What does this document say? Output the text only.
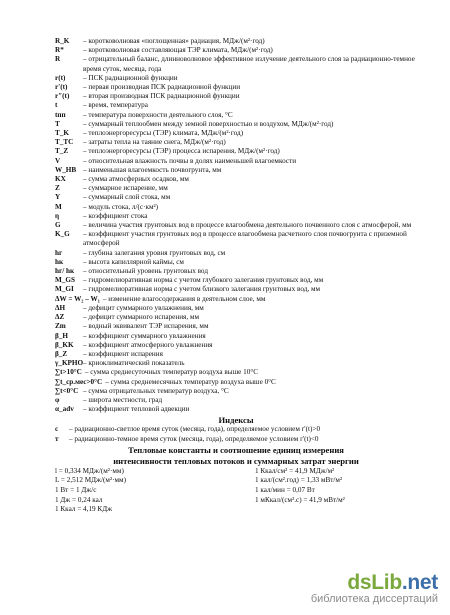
R_K	– коротковолновая «поглощенная» радиация, МДж/(м²·год)
R*	– коротковолновая составляющая ТЭР климата, МДж/(м²·год)
R	– отрицательный баланс, длинноволновое эффективное излучение деятельного слоя за радиационно-темное время суток, месяца, года
r(t)	– ПСК радиационной функции
r′(t)	– первая производная ПСК радиационной функции
r″(t)	– вторая производная ПСК радиационной функции
t	– время, температура
tпп	– температура поверхности деятельного слоя, °С
T	– суммарный теплообмен между земной поверхностью и воздухом, МДж/(м²·год)
T_K	– теплоэнергоресурсы (ТЭР) климата, МДж/(м²·год)
T_TC	– затраты тепла на таяние снега, МДж/(м²·год)
T_Z	– теплоэнергоресурсы (ТЭР) процесса испарения, МДж/(м²·год)
V	– относительная влажность почвы в долях наименьшей влагоемкости
W_HB – наименьшая влагоемкость почвогрунта, мм
KX	– сумма атмосферных осадков, мм
Z	– суммарное испарение, мм
Y	– суммарный слой стока, мм
M	– модуль стока, л/(с·км²)
η	– коэффициент стока
G	– величина участия грунтовых вод в процессе влагообмена деятельного почвенного слоя с атмосферой, мм
K_G	– коэффициент участия грунтовых вод в процессе влагообмена расчетного слоя почвогрунта с приземной атмосферой
hг	– глубина залегания уровня грунтовых вод, см
hк	– высота капиллярной каймы, см
hг/ hк	– относительный уровень грунтовых вод
M_GS	– гидромелиоративная норма с учетом глубокого залегания грунтовых вод, мм
M_GI	– гидромелиоративная норма с учетом близкого залегания грунтовых вод, мм
ΔW = W₂ – W₁ – изменение влагосодержания в деятельном слое, мм
ΔH	– дефицит суммарного увлажнения, мм
ΔZ	– дефицит суммарного испарения, мм
Zm	– водный эквивалент ТЭР испарения, мм
β_H	– коэффициент суммарного увлажнения
β_KK	– коэффициент атмосферного увлажнения
β_Z	– коэффициент испарения
γ_KPHO – криоклиматический показатель
∑t>10°C – сумма среднесуточных температур воздуха выше 10°С
∑t_ср.мес>0°C – сумма среднемесячных температур воздуха выше 0°С
∑t<0°C – сумма отрицательных температур воздуха, °С
φ	– широта местности, град
α_adv	– коэффициент тепловой адвекции
Индексы
c	– радиационно-светлое время суток (месяца, года), определяемое условием r′(t)>0
т	– радиационно-темное время суток (месяца, года), определяемое условием r′(t)<0
Тепловые константы и соотношение единиц измерения
интенсивности тепловых потоков и суммарных затрат энергии
l = 0,334 МДж/(м²·мм)	1 Ккал/см² = 41,9 МДж/м²
L = 2,512 МДж/(м²·мм)	1 кал/(см².год) = 1,33 мВт/м²
1 Вт = 1 Дж/с	1 кал/мин = 0,07 Вт
1 Дж = 0,24 кал	1 мКкал/(см².с) = 41,9 мВт/м²
1 Ккал = 4,19 КДж
dsLib.net
библиотека диссертаций
